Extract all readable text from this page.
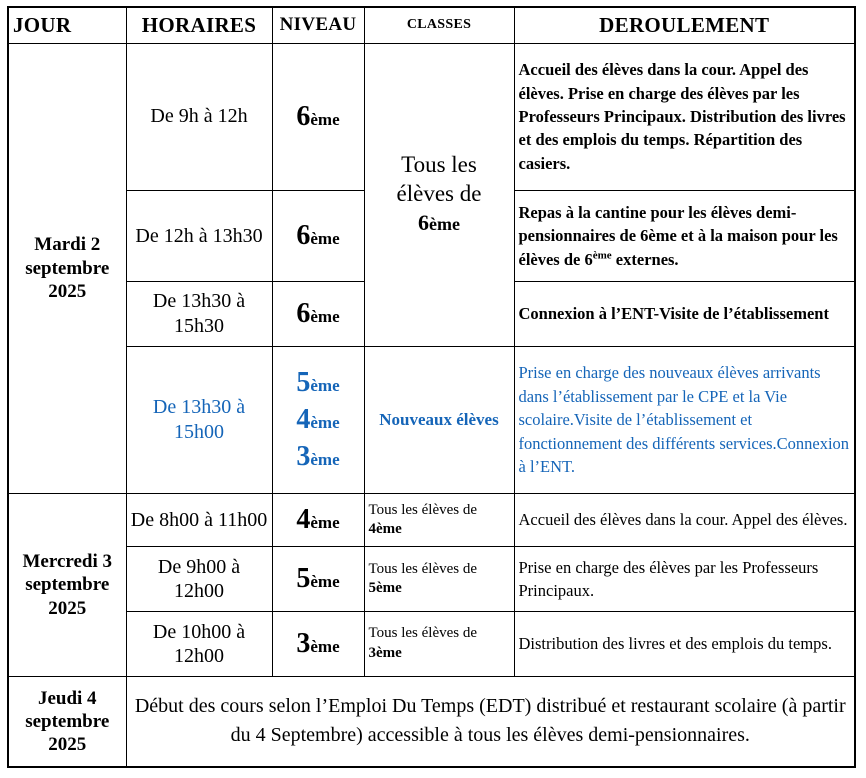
JOUR	HORAIRES	NIVEAU	CLASSES	DEROULEMENT
Mardi 2 septembre 2025	De 9h à 12h	6ème	Tous les
élèves de
6ème	Accueil des élèves dans la cour. Appel des élèves. Prise en charge des élèves par les Professeurs Principaux. Distribution des livres et des emplois du temps. Répartition des casiers.
	De 12h à 13h30	6ème		Repas à la cantine pour les élèves demi-pensionnaires de 6ème et à la maison pour les élèves de 6ème externes.
	De 13h30 à 15h30	6ème		Connexion à l’ENT-Visite de l’établissement
	De 13h30 à 15h00	5ème
4ème
3ème	Nouveaux élèves	Prise en charge des nouveaux élèves arrivants dans l’établissement par le CPE et la Vie scolaire.Visite de l’établissement et fonctionnement des différents services.Connexion à l’ENT.
Mercredi 3 septembre 2025	De 8h00 à 11h00	4ème	Tous les élèves de 4ème	Accueil des élèves dans la cour. Appel des élèves.
	De 9h00 à 12h00	5ème	Tous les élèves de 5ème	Prise en charge des élèves par les Professeurs Principaux.
	De 10h00 à 12h00	3ème	Tous les élèves de 3ème	Distribution des livres et des emplois du temps.
Jeudi 4 septembre 2025	Début des cours selon l’Emploi Du Temps (EDT) distribué et restaurant scolaire (à partir du 4 Septembre) accessible à tous les élèves demi-pensionnaires.			
